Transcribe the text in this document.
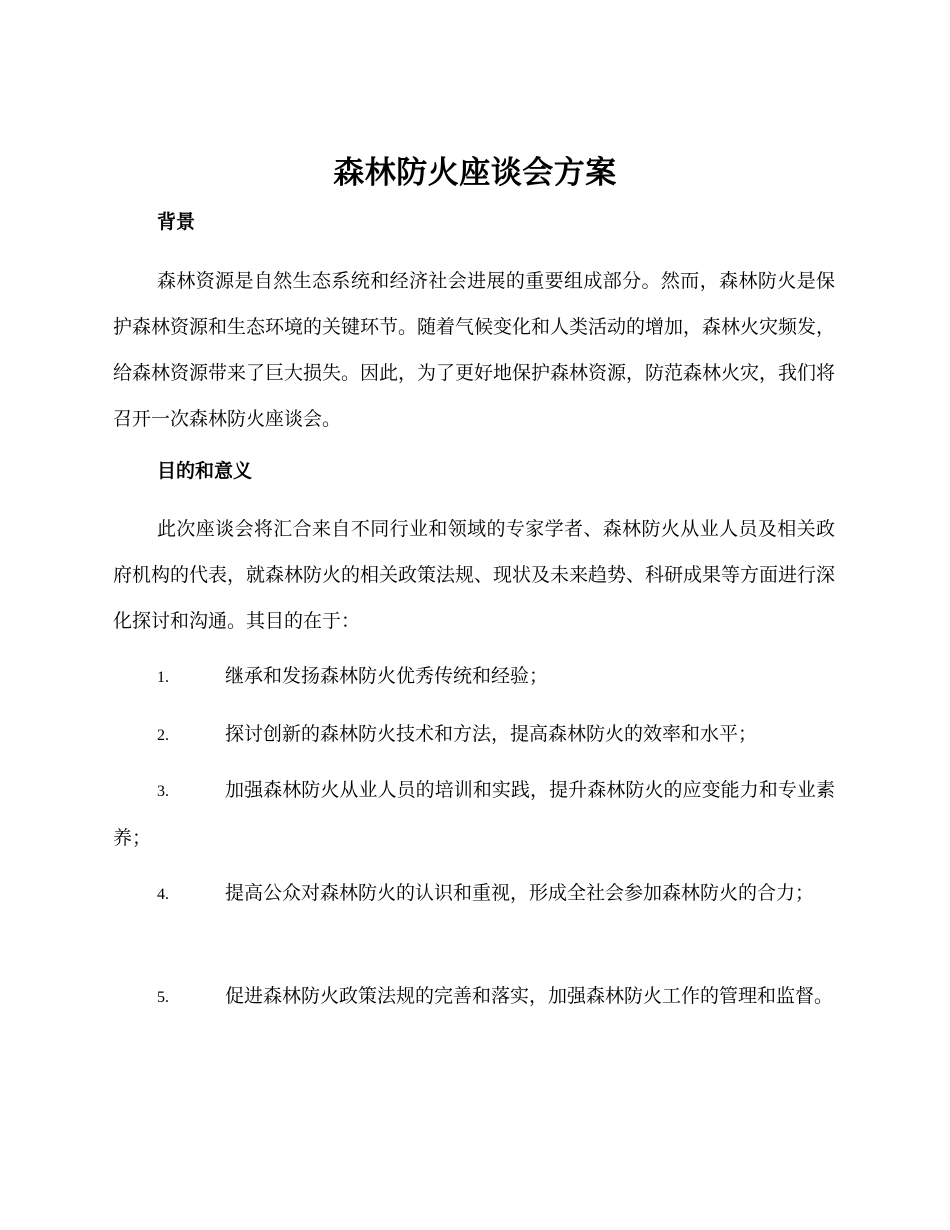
森林防火座谈会方案
背景

森林资源是自然生态系统和经济社会进展的重要组成部分。然而，森林防火是保护森林资源和生态环境的关键环节。随着气候变化和人类活动的增加，森林火灾频发，给森林资源带来了巨大损失。因此，为了更好地保护森林资源，防范森林火灾，我们将召开一次森林防火座谈会。

目的和意义

此次座谈会将汇合来自不同行业和领域的专家学者、森林防火从业人员及相关政府机构的代表，就森林防火的相关政策法规、现状及未来趋势、科研成果等方面进行深化探讨和沟通。其目的在于：

1.	继承和发扬森林防火优秀传统和经验；

2.	探讨创新的森林防火技术和方法，提高森林防火的效率和水平；

3.	加强森林防火从业人员的培训和实践，提升森林防火的应变能力和专业素养；

4.	提高公众对森林防火的认识和重视，形成全社会参加森林防火的合力；

5.	促进森林防火政策法规的完善和落实，加强森林防火工作的管理和监督。
